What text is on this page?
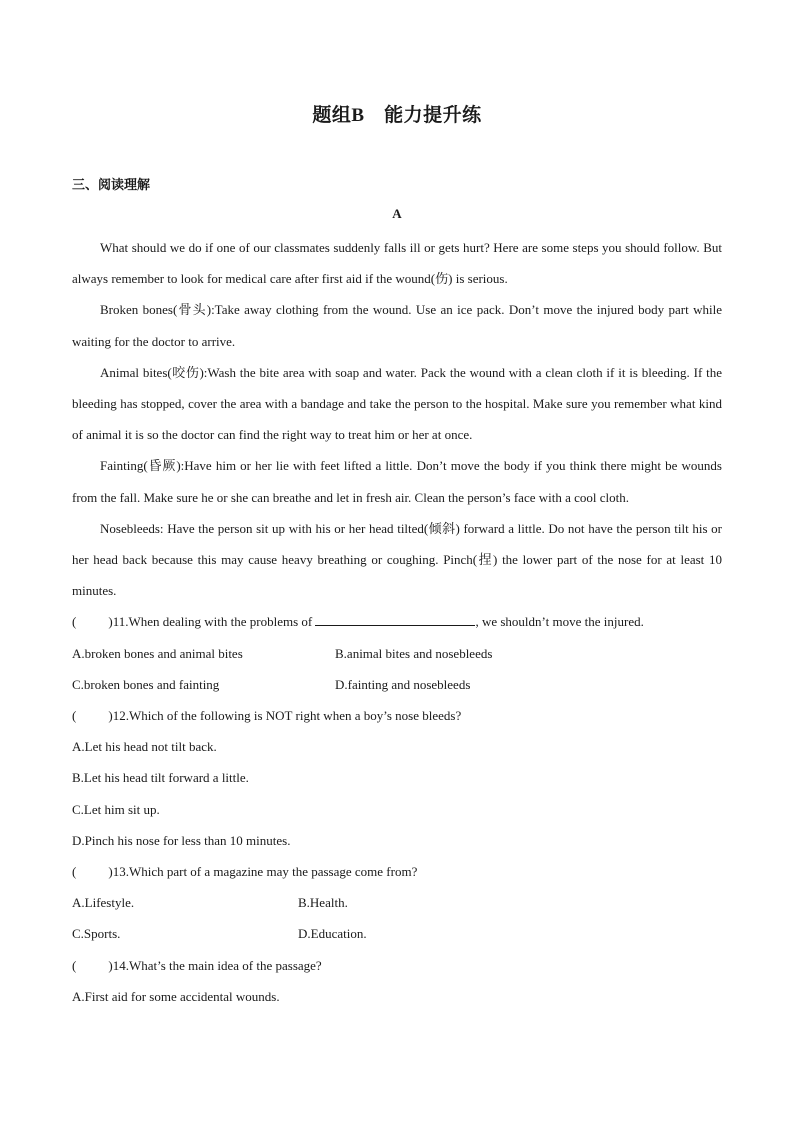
题组B　能力提升练
三、阅读理解
A

What should we do if one of our classmates suddenly falls ill or gets hurt? Here are some steps you should follow. But always remember to look for medical care after first aid if the wound(伤) is serious.

Broken bones(骨头):Take away clothing from the wound. Use an ice pack. Don’t move the injured body part while waiting for the doctor to arrive.

Animal bites(咬伤):Wash the bite area with soap and water. Pack the wound with a clean cloth if it is bleeding. If the bleeding has stopped, cover the area with a bandage and take the person to the hospital. Make sure you remember what kind of animal it is so the doctor can find the right way to treat him or her at once.

Fainting(昏厥):Have him or her lie with feet lifted a little. Don’t move the body if you think there might be wounds from the fall. Make sure he or she can breathe and let in fresh air. Clean the person’s face with a cool cloth.

Nosebleeds: Have the person sit up with his or her head tilted(倾斜) forward a little. Do not have the person tilt his or her head back because this may cause heavy breathing or coughing. Pinch(捏) the lower part of the nose for at least 10 minutes.

( )11.When dealing with the problems of	, we shouldn’t move the injured.

A.broken bones and animal bites	B.animal bites and nosebleeds
C.broken bones and fainting	D.fainting and nosebleeds

( )12.Which of the following is NOT right when a boy’s nose bleeds?

A.Let his head not tilt back.

B.Let his head tilt forward a little.

C.Let him sit up.

D.Pinch his nose for less than 10 minutes.

( )13.Which part of a magazine may the passage come from?

A.Lifestyle.	B.Health.
C.Sports.	D.Education.

( )14.What’s the main idea of the passage?

A.First aid for some accidental wounds.
